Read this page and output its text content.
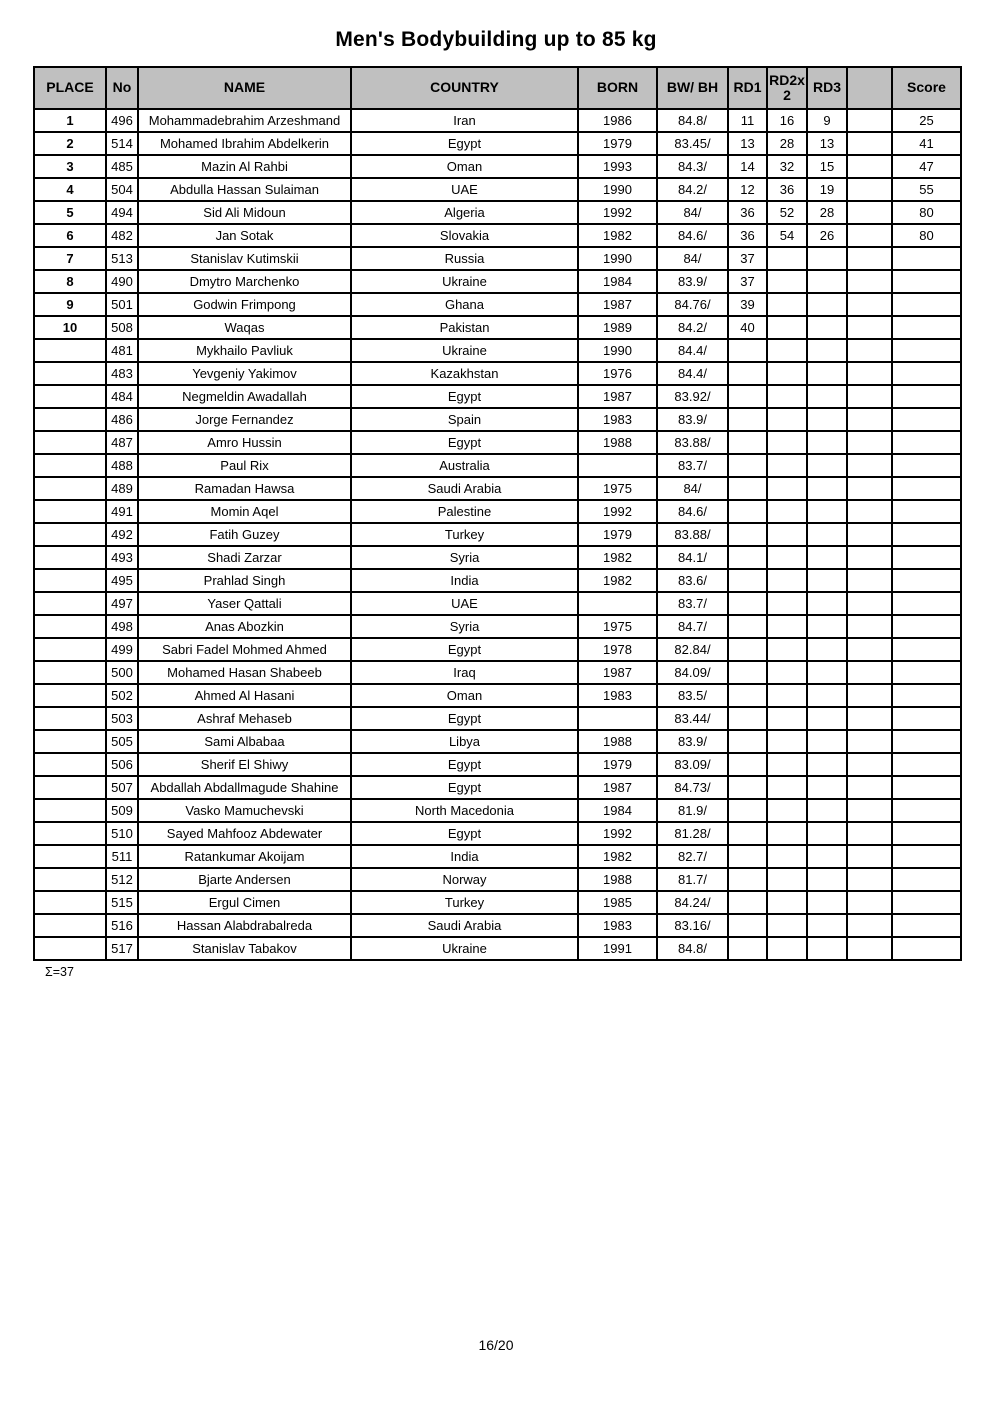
Men's Bodybuilding up to 85 kg
PLACE	No	NAME	COUNTRY	BORN	BW/ BH	RD1	RD2x 2	RD3		Score
1	496	Mohammadebrahim Arzeshmand	Iran	1986	84.8/	11	16	9		25
2	514	Mohamed Ibrahim Abdelkerin	Egypt	1979	83.45/	13	28	13		41
3	485	Mazin Al Rahbi	Oman	1993	84.3/	14	32	15		47
4	504	Abdulla Hassan Sulaiman	UAE	1990	84.2/	12	36	19		55
5	494	Sid Ali Midoun	Algeria	1992	84/	36	52	28		80
6	482	Jan Sotak	Slovakia	1982	84.6/	36	54	26		80
7	513	Stanislav Kutimskii	Russia	1990	84/	37				
8	490	Dmytro Marchenko	Ukraine	1984	83.9/	37				
9	501	Godwin Frimpong	Ghana	1987	84.76/	39				
10	508	Waqas	Pakistan	1989	84.2/	40				
	481	Mykhailo Pavliuk	Ukraine	1990	84.4/					
	483	Yevgeniy Yakimov	Kazakhstan	1976	84.4/					
	484	Negmeldin Awadallah	Egypt	1987	83.92/					
	486	Jorge Fernandez	Spain	1983	83.9/					
	487	Amro Hussin	Egypt	1988	83.88/					
	488	Paul Rix	Australia		83.7/					
	489	Ramadan Hawsa	Saudi Arabia	1975	84/					
	491	Momin Aqel	Palestine	1992	84.6/					
	492	Fatih Guzey	Turkey	1979	83.88/					
	493	Shadi Zarzar	Syria	1982	84.1/					
	495	Prahlad Singh	India	1982	83.6/					
	497	Yaser Qattali	UAE		83.7/					
	498	Anas Abozkin	Syria	1975	84.7/					
	499	Sabri Fadel Mohmed Ahmed	Egypt	1978	82.84/					
	500	Mohamed Hasan Shabeeb	Iraq	1987	84.09/					
	502	Ahmed Al Hasani	Oman	1983	83.5/					
	503	Ashraf Mehaseb	Egypt		83.44/					
	505	Sami Albabaa	Libya	1988	83.9/					
	506	Sherif El Shiwy	Egypt	1979	83.09/					
	507	Abdallah Abdallmagude Shahine	Egypt	1987	84.73/					
	509	Vasko Mamuchevski	North Macedonia	1984	81.9/					
	510	Sayed Mahfooz Abdewater	Egypt	1992	81.28/					
	511	Ratankumar Akoijam	India	1982	82.7/					
	512	Bjarte Andersen	Norway	1988	81.7/					
	515	Ergul Cimen	Turkey	1985	84.24/					
	516	Hassan Alabdrabalreda	Saudi Arabia	1983	83.16/					
	517	Stanislav Tabakov	Ukraine	1991	84.8/					
Σ=37
16/20
